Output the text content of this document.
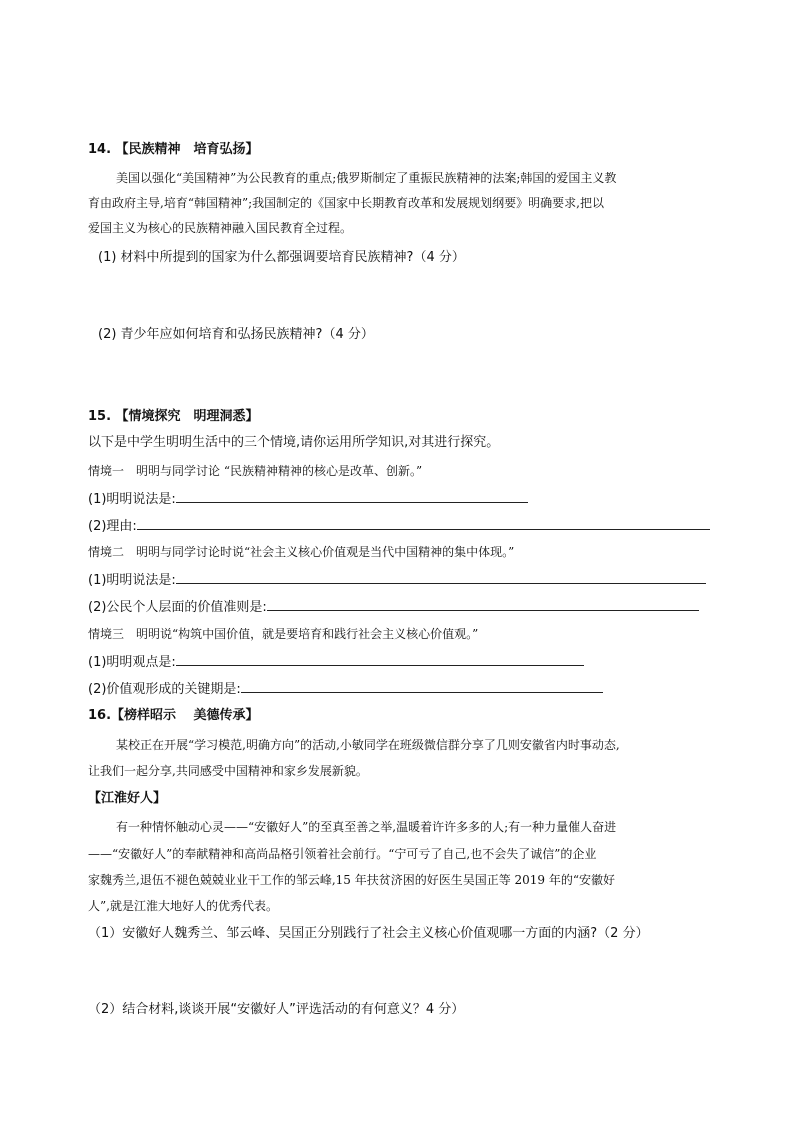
14. 【民族精神　培育弘扬】
美国以强化“美国精神”为公民教育的重点;俄罗斯制定了重振民族精神的法案;韩国的爱国主义教
育由政府主导,培育“韩国精神”;我国制定的《国家中长期教育改革和发展规划纲要》明确要求,把以
爱国主义为核心的民族精神融入国民教育全过程。
(1) 材料中所提到的国家为什么都强调要培育民族精神?（4 分）
(2) 青少年应如何培育和弘扬民族精神?（4 分）
15. 【情境探究　明理洞悉】
以下是中学生明明生活中的三个情境,请你运用所学知识,对其进行探究。
情境一　明明与同学讨论 “民族精神精神的核心是改革、创新。”
(1)明明说法是:
(2)理由:
情境二　明明与同学讨论时说“社会主义核心价值观是当代中国精神的集中体现。”
(1)明明说法是:
(2)公民个人层面的价值准则是:
情境三　明明说“构筑中国价值，就是要培育和践行社会主义核心价值观。”
(1)明明观点是:
(2)价值观形成的关键期是:
16.【榜样昭示　 美德传承】
某校正在开展“学习模范,明确方向”的活动,小敏同学在班级微信群分享了几则安徽省内时事动态,
让我们一起分享,共同感受中国精神和家乡发展新貌。
【江淮好人】
有一种情怀触动心灵——“安徽好人”的至真至善之举,温暖着许许多多的人;有一种力量催人奋进
——“安徽好人”的奉献精神和高尚品格引领着社会前行。“宁可亏了自己,也不会失了诚信”的企业
家魏秀兰,退伍不褪色兢兢业业干工作的邹云峰,15 年扶贫济困的好医生吴国正等 2019 年的“安徽好
人”,就是江淮大地好人的优秀代表。
（1）安徽好人魏秀兰、邹云峰、吴国正分别践行了社会主义核心价值观哪一方面的内涵?（2 分）
（2）结合材料,谈谈开展“安徽好人”评选活动的有何意义？4 分）
